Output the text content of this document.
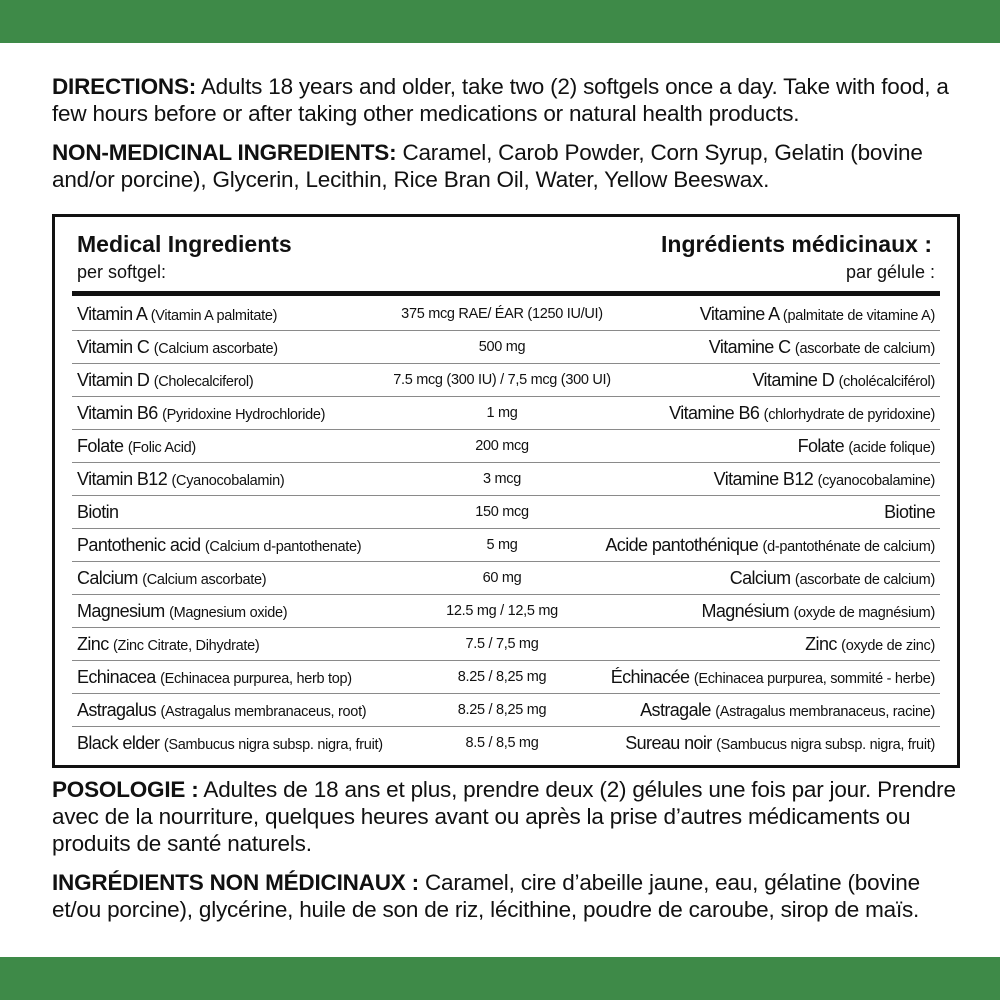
DIRECTIONS: Adults 18 years and older, take two (2) softgels once a day. Take with food, a few hours before or after taking other medications or natural health products.

NON-MEDICINAL INGREDIENTS: Caramel, Carob Powder, Corn Syrup, Gelatin (bovine and/or porcine), Glycerin, Lecithin, Rice Bran Oil, Water, Yellow Beeswax.

Medical Ingredients
per softgel:
Ingrédients médicinaux :
par gélule :
Vitamin A (Vitamin A palmitate)	375 mcg RAE/ ÉAR (1250 IU/UI)	Vitamine A (palmitate de vitamine A)
Vitamin C (Calcium ascorbate)	500 mg	Vitamine C (ascorbate de calcium)
Vitamin D (Cholecalciferol)	7.5 mcg (300 IU) / 7,5 mcg (300 UI)	Vitamine D (cholécalciférol)
Vitamin B6 (Pyridoxine Hydrochloride)	1 mg	Vitamine B6 (chlorhydrate de pyridoxine)
Folate (Folic Acid)	200 mcg	Folate (acide folique)
Vitamin B12 (Cyanocobalamin)	3 mcg	Vitamine B12 (cyanocobalamine)
Biotin	150 mcg	Biotine
Pantothenic acid (Calcium d-pantothenate)	5 mg	Acide pantothénique (d-pantothénate de calcium)
Calcium (Calcium ascorbate)	60 mg	Calcium (ascorbate de calcium)
Magnesium (Magnesium oxide)	12.5 mg / 12,5 mg	Magnésium (oxyde de magnésium)
Zinc (Zinc Citrate, Dihydrate)	7.5 / 7,5 mg	Zinc (oxyde de zinc)
Echinacea (Echinacea purpurea, herb top)	8.25 / 8,25 mg	Échinacée (Echinacea purpurea, sommité - herbe)
Astragalus (Astragalus membranaceus, root)	8.25 / 8,25 mg	Astragale (Astragalus membranaceus, racine)
Black elder (Sambucus nigra subsp. nigra, fruit)	8.5 / 8,5 mg	Sureau noir (Sambucus nigra subsp. nigra, fruit)

POSOLOGIE : Adultes de 18 ans et plus, prendre deux (2) gélules une fois par jour. Prendre avec de la nourriture, quelques heures avant ou après la prise d’autres médicaments ou produits de santé naturels.

INGRÉDIENTS NON MÉDICINAUX : Caramel, cire d’abeille jaune, eau, gélatine (bovine et/ou porcine), glycérine, huile de son de riz, lécithine, poudre de caroube, sirop de maïs.
